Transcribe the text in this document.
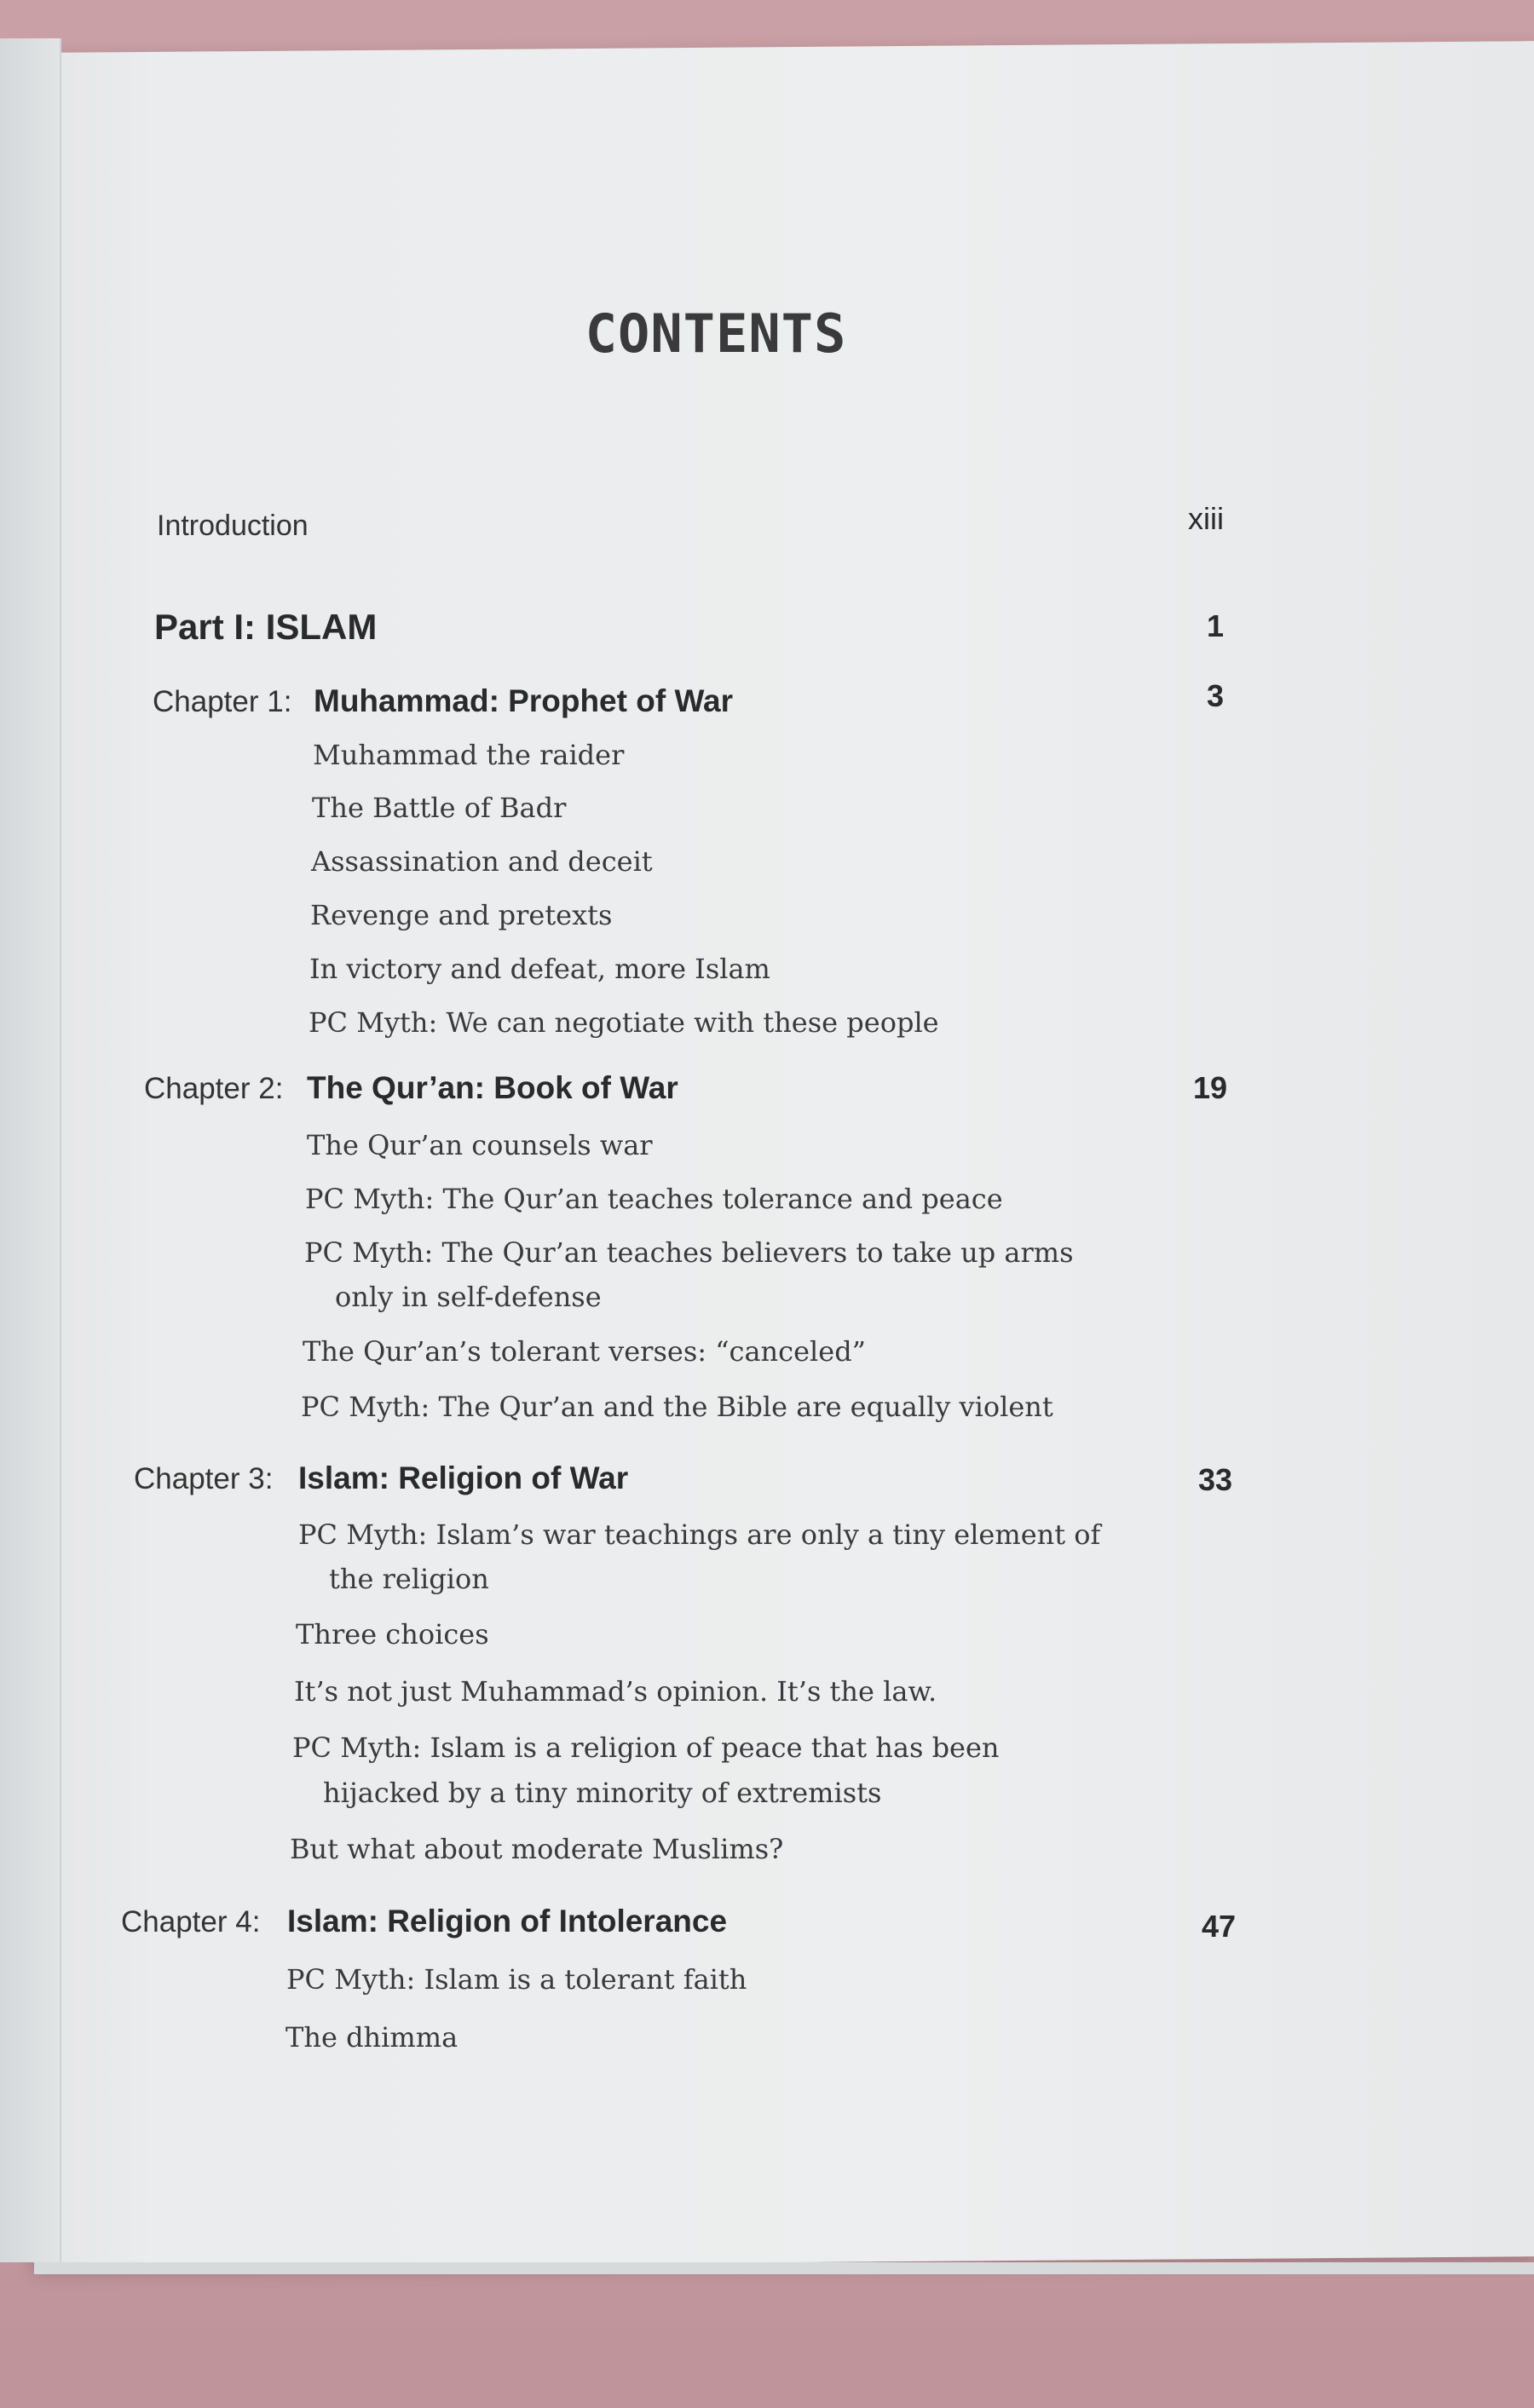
CONTENTS
Introduction	xiii
Part I: ISLAM	1
Chapter 1: Muhammad: Prophet of War	3
Muhammad the raider
The Battle of Badr
Assassination and deceit
Revenge and pretexts
In victory and defeat, more Islam
PC Myth: We can negotiate with these people
Chapter 2: The Qur’an: Book of War	19
The Qur’an counsels war
PC Myth: The Qur’an teaches tolerance and peace
PC Myth: The Qur’an teaches believers to take up arms
only in self-defense
The Qur’an’s tolerant verses: “canceled”
PC Myth: The Qur’an and the Bible are equally violent
Chapter 3: Islam: Religion of War	33
PC Myth: Islam’s war teachings are only a tiny element of
the religion
Three choices
It’s not just Muhammad’s opinion. It’s the law.
PC Myth: Islam is a religion of peace that has been
hijacked by a tiny minority of extremists
But what about moderate Muslims?
Chapter 4: Islam: Religion of Intolerance	47
PC Myth: Islam is a tolerant faith
The dhimma
